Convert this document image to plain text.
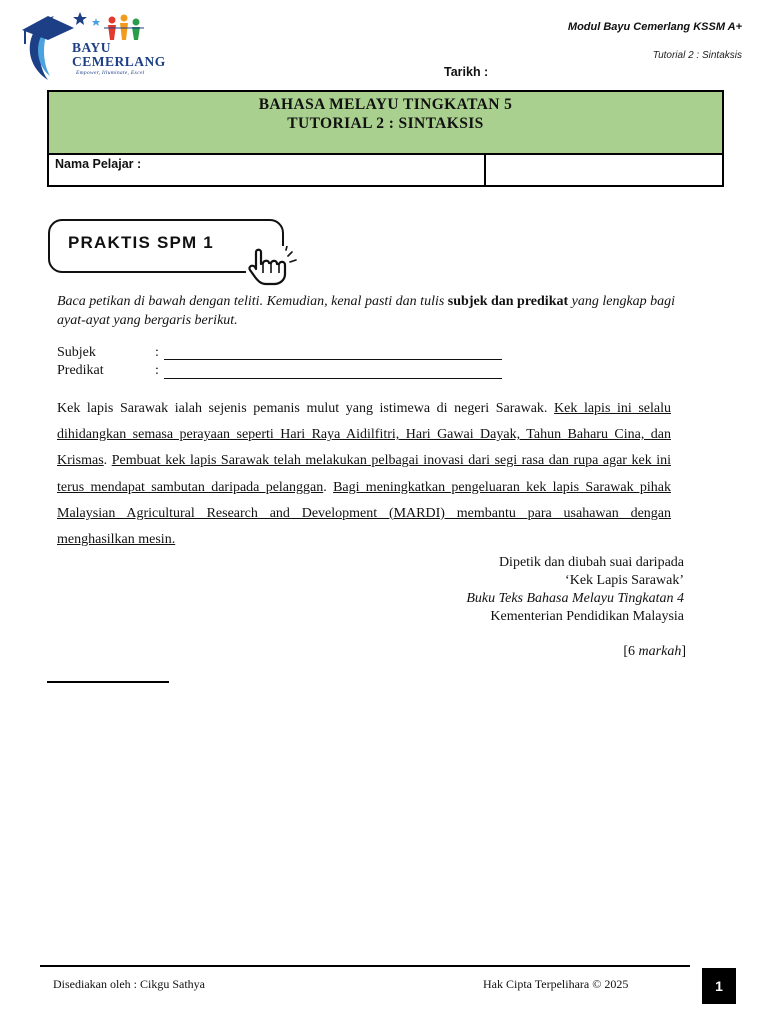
BAYU
CEMERLANG
Empower, Illuminate, Excel
Modul Bayu Cemerlang KSSM A+
Tutorial 2 : Sintaksis
BAHASA MELAYU TINGKATAN 5
TUTORIAL 2 : SINTAKSIS
Nama Pelajar :
Tarikh :
PRAKTIS SPM 1
Baca petikan di bawah dengan teliti. Kemudian, kenal pasti dan tulis subjek dan predikat yang lengkap bagi ayat-ayat yang bergaris berikut.
Subjek	:
Predikat	:
Kek lapis Sarawak ialah sejenis pemanis mulut yang istimewa di negeri Sarawak. Kek lapis ini selalu dihidangkan semasa perayaan seperti Hari Raya Aidilfitri, Hari Gawai Dayak, Tahun Baharu Cina, dan Krismas. Pembuat kek lapis Sarawak telah melakukan pelbagai inovasi dari segi rasa dan rupa agar kek ini terus mendapat sambutan daripada pelanggan. Bagi meningkatkan pengeluaran kek lapis Sarawak pihak Malaysian Agricultural Research and Development (MARDI) membantu para usahawan dengan menghasilkan mesin.
Dipetik dan diubah suai daripada
‘Kek Lapis Sarawak’
Buku Teks Bahasa Melayu Tingkatan 4
Kementerian Pendidikan Malaysia
[6 markah]
Disediakan oleh : Cikgu Sathya	Hak Cipta Terpelihara © 2025	1
